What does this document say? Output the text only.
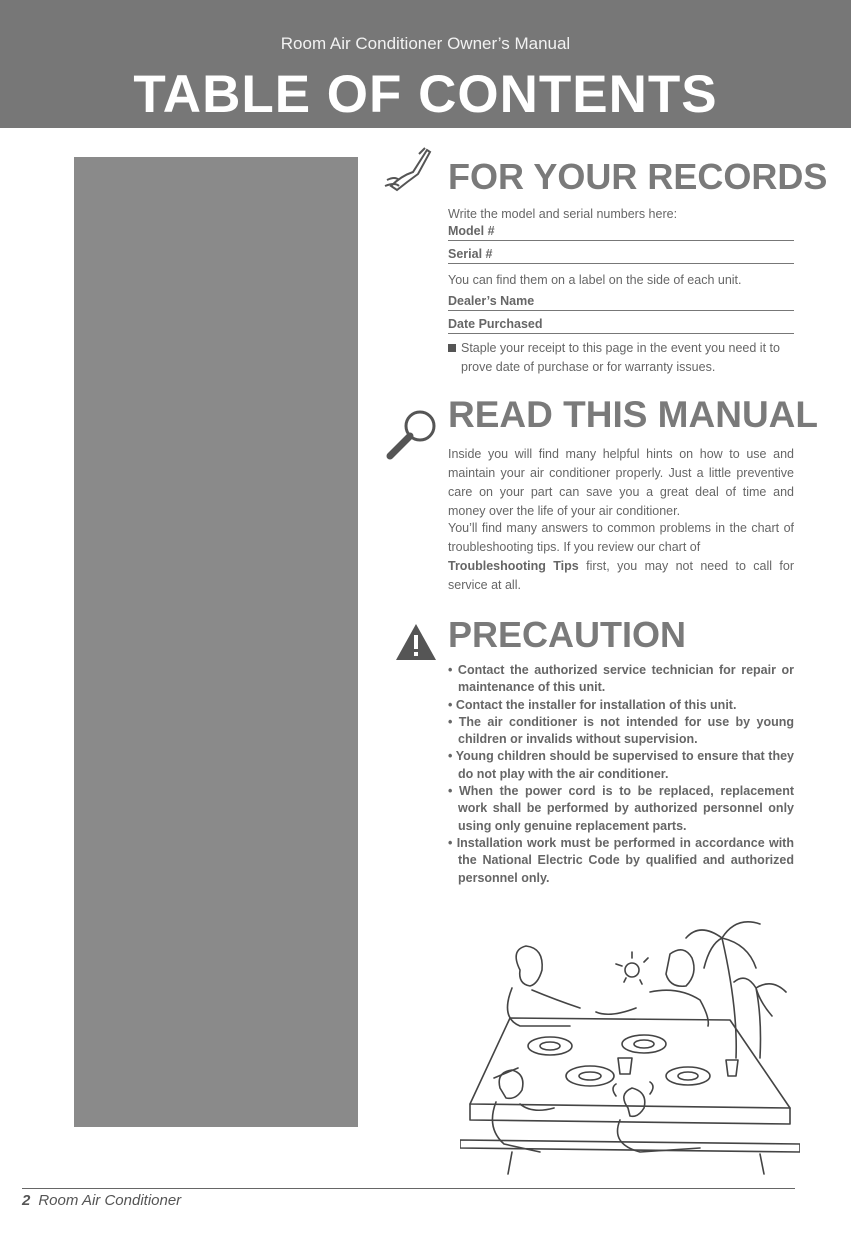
Room Air Conditioner Owner’s Manual
TABLE OF CONTENTS
FOR YOUR RECORDS
Write the model and serial numbers here:
Model #
Serial #
You can find them on a label on the side of each unit.
Dealer’s Name
Date Purchased
Staple your receipt to this page in the event you need it to prove date of purchase or for warranty issues.
READ THIS MANUAL
Inside you will find many helpful hints on how to use and maintain your air conditioner properly. Just a little preventive care on your part can save you a great deal of time and money over the life of your air conditioner.
You’ll find many answers to common problems in the chart of troubleshooting tips. If you review our chart of
Troubleshooting Tips first, you may not need to call for service at all.
PRECAUTION
• Contact the authorized service technician for repair or maintenance of this unit.
• Contact the installer for installation of this unit.
• The air conditioner is not intended for use by young children or invalids without supervision.
• Young children should be supervised to ensure that they do not play with the air conditioner.
• When the power cord is to be replaced, replacement work shall be performed by authorized personnel only using only genuine replacement parts.
• Installation work must be performed in accordance with the National Electric Code by qualified and authorized personnel only.
2 Room Air Conditioner
